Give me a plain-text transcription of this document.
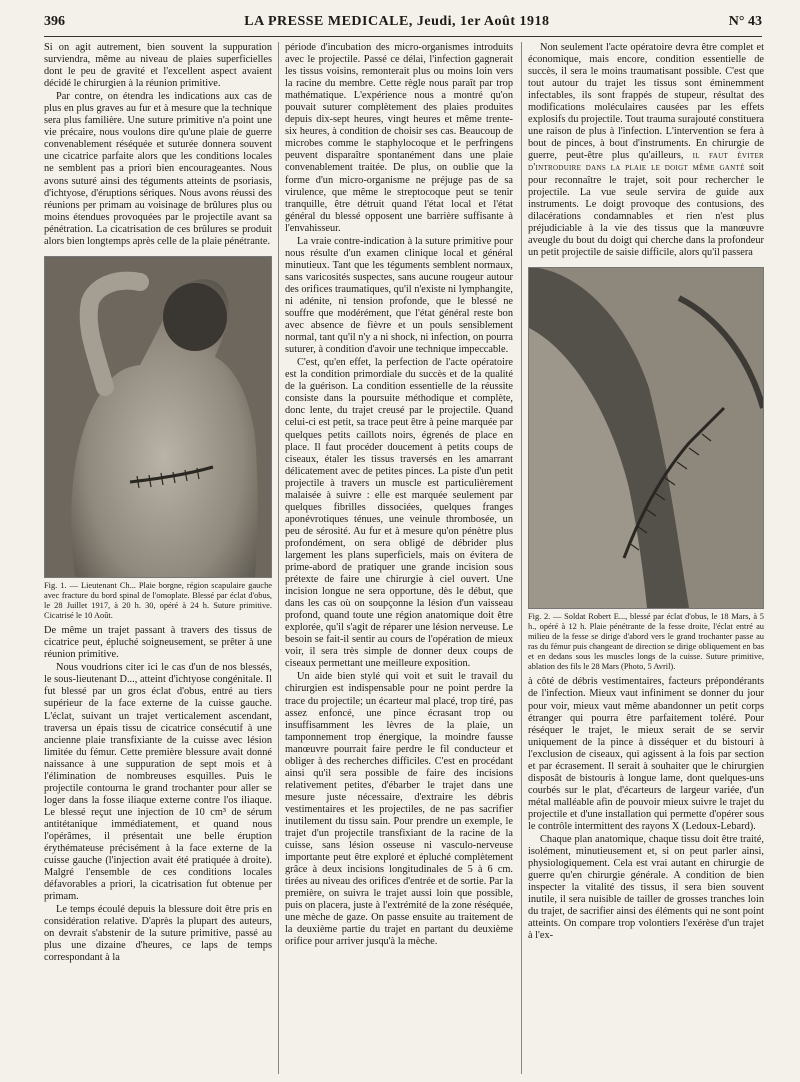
396	LA PRESSE MEDICALE, Jeudi, 1er Août 1918	N° 43

Si on agit autrement, bien souvent la suppuration surviendra, même au niveau de plaies superficielles dont le peu de gravité et l'excellent aspect avaient décidé le chirurgien à la réunion primitive.

Par contre, on étendra les indications aux cas de plus en plus graves au fur et à mesure que la technique sera plus familière. Une suture primitive n'a point une vie précaire, nous voulons dire qu'une plaie de guerre convenablement réséquée et suturée donnera souvent une cicatrice parfaite alors que les conditions locales ne semblent pas a priori bien encourageantes. Nous avons suturé ainsi des téguments atteints de psoriasis, d'ichtyose, d'éruptions sériques. Nous avons réussi des réunions per primam au voisinage de brûlures plus ou moins étendues provoquées par le projectile avant sa pénétration. La cicatrisation de ces brûlures se produit alors bien longtemps après celle de la plaie pénétrante.

Fig. 1. — Lieutenant Ch... Plaie borgne, région scapulaire gauche avec fracture du bord spinal de l'omoplate. Blessé par éclat d'obus, le 28 Juillet 1917, à 20 h. 30, opéré à 24 h. Suture primitive. Cicatrisé le 10 Août.

De même un trajet passant à travers des tissus de cicatrice peut, épluché soigneusement, se prêter à une réunion primitive.

Nous voudrions citer ici le cas d'un de nos blessés, le sous-lieutenant D..., atteint d'ichtyose congénitale. Il fut blessé par un gros éclat d'obus, entré au tiers supérieur de la face externe de la cuisse gauche. L'éclat, suivant un trajet verticalement ascendant, traversa un épais tissu de cicatrice consécutif à une ancienne plaie transfixiante de la cuisse avec lésion limitée du fémur. Cette première blessure avait donné naissance à une suppuration de sept mois et à l'élimination de nombreuses esquilles. Puis le projectile contourna le grand trochanter pour aller se loger dans la fosse iliaque externe contre l'os iliaque. Le blessé reçut une injection de 10 cm³ de sérum antitétanique immédiatement, et quand nous l'opérâmes, il présentait une belle éruption érythémateuse précisément à la face externe de la cuisse gauche (l'injection avait été pratiquée à droite). Malgré l'ensemble de ces conditions locales défavorables a priori, la cicatrisation fut obtenue per primam.

Le temps écoulé depuis la blessure doit être pris en considération relative. D'après la plupart des auteurs, on devrait s'abstenir de la suture primitive, passé au plus une dizaine d'heures, ce laps de temps correspondant à la

période d'incubation des micro-organismes introduits avec le projectile. Passé ce délai, l'infection gagnerait les tissus voisins, remonterait plus ou moins loin vers la racine du membre. Cette règle nous paraît par trop mathématique. L'expérience nous a montré qu'on pouvait suturer complètement des plaies produites depuis dix-sept heures, vingt heures et même trente-six heures, à condition de choisir ses cas. Beaucoup de microbes comme le staphylocoque et le perfringens peuvent disparaître spontanément dans une plaie convenablement traitée. De plus, on oublie que la forme d'un micro-organisme ne préjuge pas de sa virulence, que même le streptocoque peut se tenir tranquille, être détruit quand l'état local et l'état général du blessé opposent une barrière suffisante à l'envahisseur.

La vraie contre-indication à la suture primitive pour nous résulte d'un examen clinique local et général minutieux. Tant que les téguments semblent normaux, sans varicosités suspectes, sans aucune rougeur autour des orifices traumatiques, qu'il n'existe ni lymphangite, ni adénite, ni tension profonde, que le blessé ne souffre que modérément, que l'état général reste bon avec absence de fièvre et un pouls sensiblement normal, tant qu'il n'y a ni shock, ni infection, on pourra suturer, à condition d'avoir une technique impeccable.

C'est, qu'en effet, la perfection de l'acte opératoire est la condition primordiale du succès et de la qualité de la guérison. La condition essentielle de la réussite consiste dans la poursuite méthodique et complète, donc lente, du trajet creusé par le projectile. Quand celui-ci est petit, sa trace peut être à peine marquée par quelques petits caillots noirs, égrenés de place en place. Il faut procéder doucement à petits coups de ciseaux, étaler les tissus traversés en les amarrant délicatement avec de petites pinces. La piste d'un petit projectile à travers un muscle est particulièrement malaisée à suivre : elle est marquée seulement par quelques fibrilles dissociées, quelques franges aponévrotiques ténues, une veinule thrombosée, un peu de sérosité. Au fur et à mesure qu'on pénètre plus profondément, on sera obligé de débrider plus largement les plans superficiels, mais on évitera de prime-abord de pratiquer une grande incision sous prétexte de faire une chirurgie à ciel ouvert. Une incision longue ne sera opportune, dès le début, que dans les cas où on soupçonne la lésion d'un vaisseau profond, quand toute une région anatomique doit être explorée, qu'il s'agit de réparer une lésion nerveuse. Le besoin se fait-il sentir au cours de l'opération de mieux voir, il sera très simple de donner deux coups de ciseaux permettant une meilleure exposition.

Un aide bien stylé qui voit et suit le travail du chirurgien est indispensable pour ne point perdre la trace du projectile; un écarteur mal placé, trop tiré, pas assez enfoncé, une pince écrasant trop ou insuffisamment les lèvres de la plaie, un tamponnement trop énergique, la moindre fausse manœuvre pourrait faire perdre le fil conducteur et obliger à des recherches difficiles. C'est en procédant ainsi qu'il sera possible de faire des incisions relativement petites, d'ébarber le trajet dans une mesure juste nécessaire, d'extraire les débris vestimentaires et les projectiles, de ne pas sacrifier inutilement du tissu sain. Pour prendre un exemple, le trajet d'un projectile transfixiant de la racine de la cuisse, sans lésion osseuse ni vasculo-nerveuse importante peut être exploré et épluché complètement grâce à deux incisions longitudinales de 5 à 6 cm. tirées au niveau des orifices d'entrée et de sortie. Par la première, on suivra le trajet aussi loin que possible, puis on placera, juste à l'extrémité de la zone réséquée, une mèche de gaze. On passe ensuite au traitement de la deuxième partie du trajet en partant du deuxième orifice pour arriver jusqu'à la mèche.

Non seulement l'acte opératoire devra être complet et économique, mais encore, condition essentielle de succès, il sera le moins traumatisant possible. C'est que tout autour du trajet les tissus sont éminemment infectables, ils sont frappés de stupeur, résultat des modifications moléculaires causées par les effets explosifs du projectile. Tout trauma surajouté constituera une raison de plus à l'infection. L'intervention se fera à bout de pinces, à bout d'instruments. En chirurgie de guerre, peut-être plus qu'ailleurs, il faut éviter d'introduire dans la plaie le doigt même ganté soit pour reconnaître le trajet, soit pour rechercher le projectile. La vue seule servira de guide aux instruments. Le doigt provoque des contusions, des dilacérations condamnables et rien n'est plus préjudiciable à la vie des tissus que la manœuvre aveugle du bout du doigt qui cherche dans la profondeur un petit projectile de saisie difficile, alors qu'il passera

Fig. 2. — Soldat Robert E..., blessé par éclat d'obus, le 18 Mars, à 5 h., opéré à 12 h. Plaie pénétrante de la fesse droite, l'éclat entré au milieu de la fesse se dirige d'abord vers le grand trochanter passe au ras du fémur puis changeant de direction se dirige obliquement en bas et en dedans sous les muscles longs de la cuisse. Suture primitive, ablation des fils le 28 Mars (Photo, 5 Avril).

à côté de débris vestimentaires, facteurs prépondérants de l'infection. Mieux vaut infiniment se donner du jour pour voir, mieux vaut même abandonner un petit corps étranger qui pourra être parfaitement toléré. Pour réséquer le trajet, le mieux serait de se servir uniquement de la pince à disséquer et du bistouri à l'exclusion de ciseaux, qui agissent à la fois par section et par écrasement. Il serait à souhaiter que le chirurgien disposât de bistouris à longue lame, dont quelques-uns courbés sur le plat, d'écarteurs de largeur variée, d'un métal malléable afin de pouvoir mieux suivre le trajet du projectile et d'une installation qui permette d'opérer sous le contrôle intermittent des rayons X (Ledoux-Lebard).

Chaque plan anatomique, chaque tissu doit être traité, isolément, minutieusement et, si on peut parler ainsi, physiologiquement. Cela est vrai autant en chirurgie de guerre qu'en chirurgie générale. A condition de bien inspecter la vitalité des tissus, il sera bien souvent inutile, il sera nuisible de tailler de grosses tranches loin du trajet, de sacrifier ainsi des éléments qui ne sont point atteints. On compare trop volontiers l'exérèse d'un trajet à l'ex-
